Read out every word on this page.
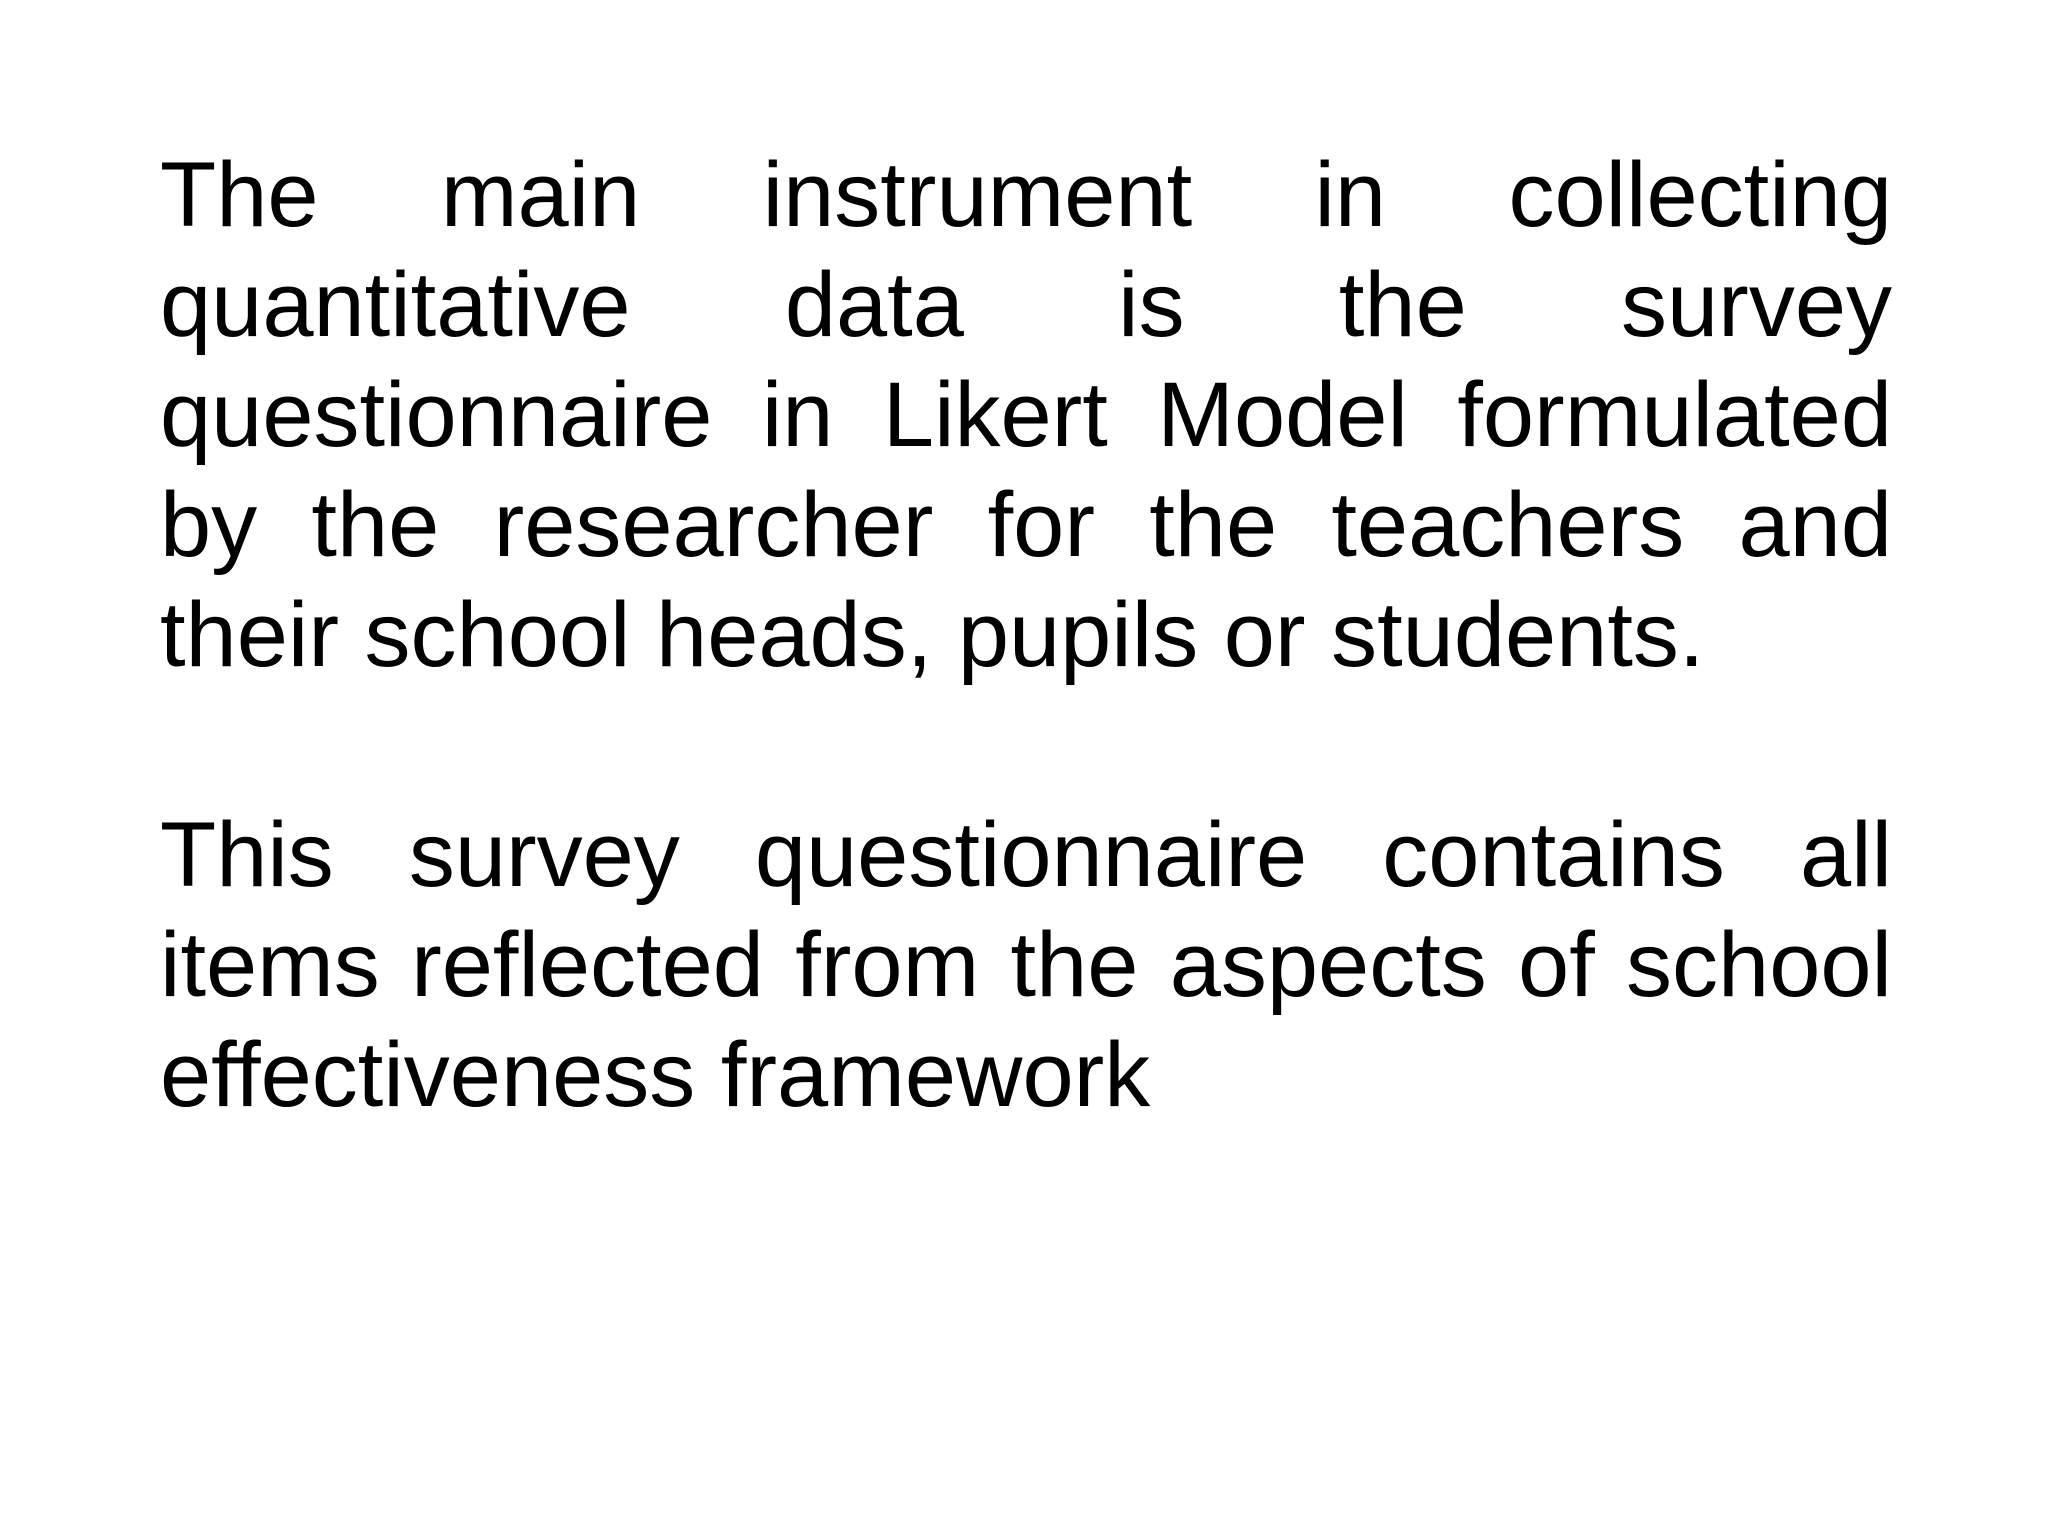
The main instrument in collecting quantitative data is the survey questionnaire in Likert Model formulated by the researcher for the teachers and their school heads, pupils or students.

This survey questionnaire contains all items reflected from the aspects of school effectiveness framework
